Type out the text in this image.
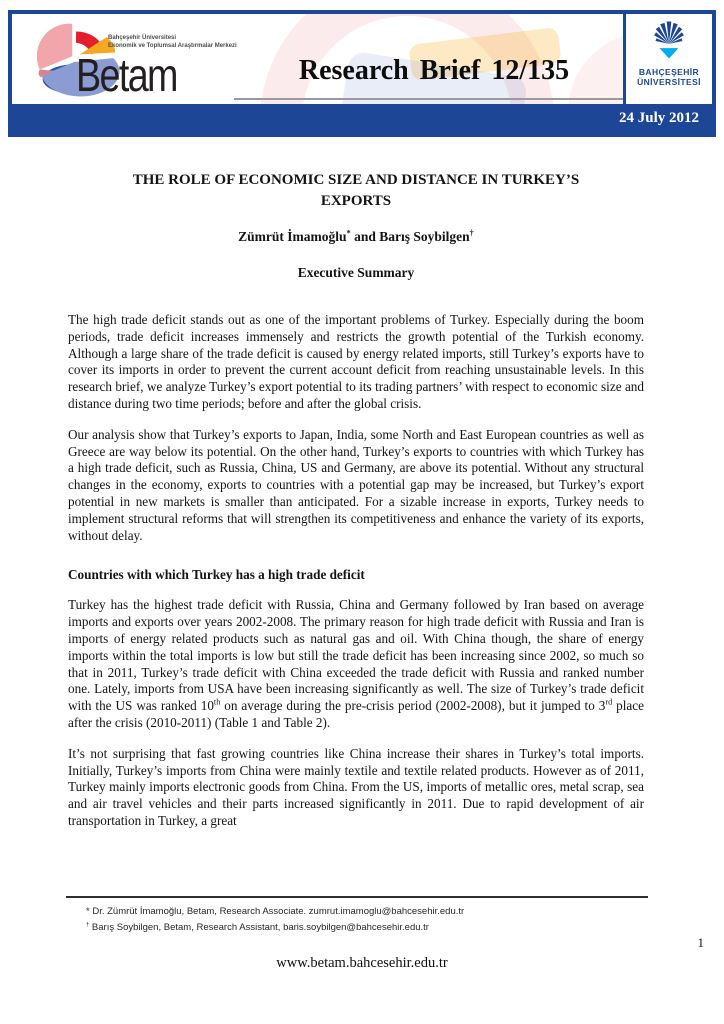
Bahçeşehir Üniversitesi
Ekonomik ve Toplumsal Araştırmalar Merkezi
Betam	Research Brief 12/135	BAHÇEŞEHİR
ÜNİVERSİTESİ
24 July 2012
THE ROLE OF ECONOMIC SIZE AND DISTANCE IN TURKEY’S
EXPORTS
Zümrüt İmamoğlu* and Barış Soybilgen†
Executive Summary

The high trade deficit stands out as one of the important problems of Turkey. Especially during the boom periods, trade deficit increases immensely and restricts the growth potential of the Turkish economy. Although a large share of the trade deficit is caused by energy related imports, still Turkey’s exports have to cover its imports in order to prevent the current account deficit from reaching unsustainable levels. In this research brief, we analyze Turkey’s export potential to its trading partners’ with respect to economic size and distance during two time periods; before and after the global crisis.

Our analysis show that Turkey’s exports to Japan, India, some North and East European countries as well as Greece are way below its potential. On the other hand, Turkey’s exports to countries with which Turkey has a high trade deficit, such as Russia, China, US and Germany, are above its potential. Without any structural changes in the economy, exports to countries with a potential gap may be increased, but Turkey’s export potential in new markets is smaller than anticipated. For a sizable increase in exports, Turkey needs to implement structural reforms that will strengthen its competitiveness and enhance the variety of its exports, without delay.

Countries with which Turkey has a high trade deficit

Turkey has the highest trade deficit with Russia, China and Germany followed by Iran based on average imports and exports over years 2002-2008. The primary reason for high trade deficit with Russia and Iran is imports of energy related products such as natural gas and oil. With China though, the share of energy imports within the total imports is low but still the trade deficit has been increasing since 2002, so much so that in 2011, Turkey’s trade deficit with China exceeded the trade deficit with Russia and ranked number one. Lately, imports from USA have been increasing significantly as well. The size of Turkey’s trade deficit with the US was ranked 10th on average during the pre-crisis period (2002-2008), but it jumped to 3rd place after the crisis (2010-2011) (Table 1 and Table 2).

It’s not surprising that fast growing countries like China increase their shares in Turkey’s total imports. Initially, Turkey’s imports from China were mainly textile and textile related products. However as of 2011, Turkey mainly imports electronic goods from China. From the US, imports of metallic ores, metal scrap, sea and air travel vehicles and their parts increased significantly in 2011. Due to rapid development of air transportation in Turkey, a great

* Dr. Zümrüt İmamoğlu, Betam, Research Associate. zumrut.imamoglu@bahcesehir.edu.tr
† Barış Soybilgen, Betam, Research Assistant, baris.soybilgen@bahcesehir.edu.tr
1
www.betam.bahcesehir.edu.tr
